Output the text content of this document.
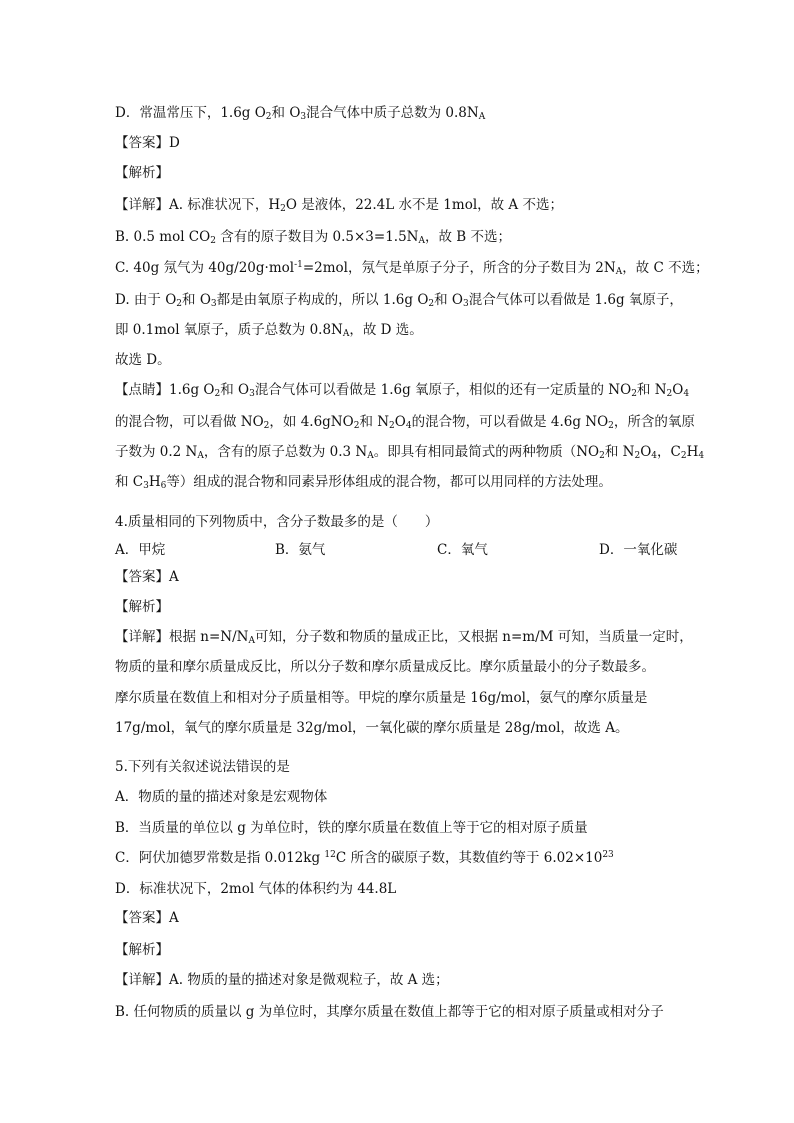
D．常温常压下，1.6g $O_2$和 $O_3$混合气体中质子总数为 $0.8N_A$
【答案】D
【解析】
【详解】A. 标准状况下，$H_2O$ 是液体，22.4L 水不是 1mol，故 A 不选；
B. 0.5 mol $CO_2$ 含有的原子数目为 $0.5\times 3=1.5N_A$，故 B 不选；
C. 40g 氖气为 40g/20g·mol$^{-1}$=2mol，氖气是单原子分子，所含的分子数目为 $2N_A$，故 C 不选；
D. 由于 $O_2$和 $O_3$都是由氧原子构成的，所以 1.6g $O_2$和 $O_3$混合气体可以看做是 1.6g 氧原子，
即 0.1mol 氧原子，质子总数为 $0.8N_A$，故 D 选。
故选 D。
【点睛】1.6g $O_2$和 $O_3$混合气体可以看做是 1.6g 氧原子，相似的还有一定质量的 $NO_2$和 $N_2O_4$
的混合物，可以看做 $NO_2$，如 4.6gNO$_2$和 $N_2O_4$的混合物，可以看做是 4.6g $NO_2$，所含的氧原
子数为 0.2 $N_A$，含有的原子总数为 0.3 $N_A$。即具有相同最简式的两种物质（$NO_2$和 $N_2O_4$，$C_2H_4$
和 $C_3H_6$等）组成的混合物和同素异形体组成的混合物，都可以用同样的方法处理。
4.质量相同的下列物质中，含分子数最多的是（　　）
【答案】A
【解析】
【详解】根据 $n=N/N_A$可知，分子数和物质的量成正比，又根据 n=m/M 可知，当质量一定时，
物质的量和摩尔质量成反比，所以分子数和摩尔质量成反比。摩尔质量最小的分子数最多。
摩尔质量在数值上和相对分子质量相等。甲烷的摩尔质量是 16g/mol，氨气的摩尔质量是
17g/mol，氧气的摩尔质量是 32g/mol，一氧化碳的摩尔质量是 28g/mol，故选 A。
5.下列有关叙述说法错误的是
A．物质的量的描述对象是宏观物体
B．当质量的单位以 g 为单位时，铁的摩尔质量在数值上等于它的相对原子质量
C．阿伏加德罗常数是指 0.012kg $^{12}$C 所含的碳原子数，其数值约等于 $6.02\times 10^{23}$
D．标准状况下，2mol 气体的体积约为 44.8L
【答案】A
【解析】
【详解】A. 物质的量的描述对象是微观粒子，故 A 选；
B. 任何物质的质量以 g 为单位时，其摩尔质量在数值上都等于它的相对原子质量或相对分子
A．甲烷	B．氨气	C．氧气	D．一氧化碳
